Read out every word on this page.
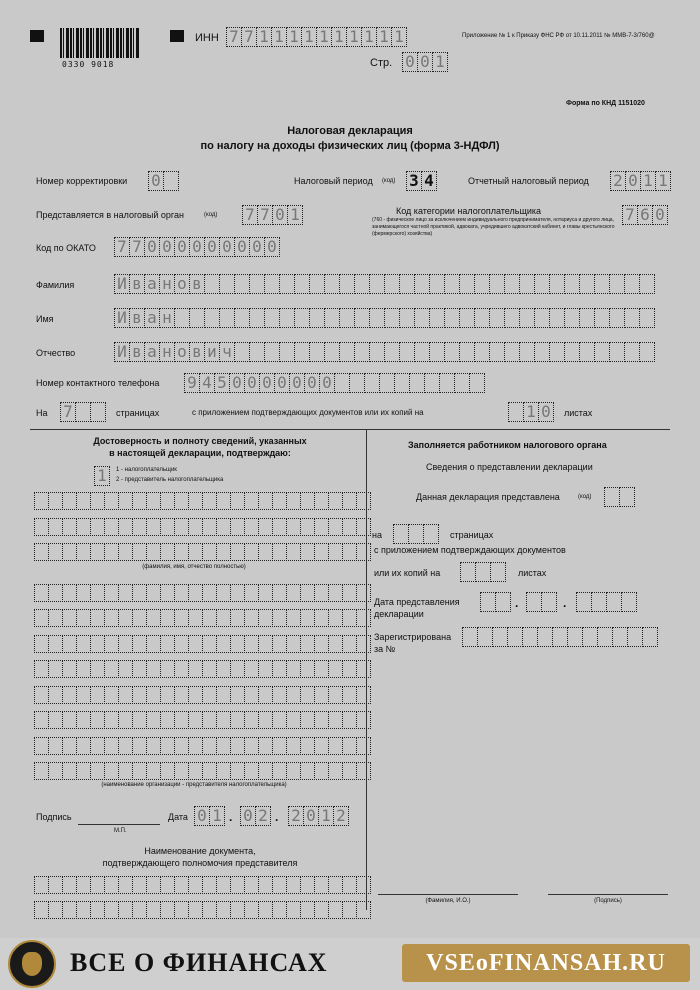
0330 9018
ИНН 7 7 1 1 1 1 1 1 1 1 1 1
Стр. 0 0 1
Приложение № 1 к Приказу ФНС РФ от 10.11.2011 № ММВ-7-3/760@
Форма по КНД 1151020
Налоговая декларация
по налогу на доходы физических лиц (форма 3-НДФЛ)
Номер корректировки 0	Налоговый период (код) 3 4	Отчетный налоговый период 2 0 1 1
Представляется в налоговый орган	(код) 7 7 0 1	Код категории налогоплательщика
(760 - физическое лицо за исключением индивидуального предпринимателя, нотариуса и другого лица, занимающегося частной практикой, адвоката, учредившего адвокатский кабинет, и главы крестьянского (фермерского) хозяйства)
7 6 0
Код по ОКАТО 7 7 0 0 0 0 0 0 0 0 0
Фамилия	И в а н о в
Имя	И в а н
Отчество	И в а н о в и ч
Номер контактного телефона 9 4 5 0 0 0 0 0 0 0
На 7	страницах	с приложением подтверждающих документов или их копий на	1 0	листах
Достоверность и полноту сведений, указанных
в настоящей декларации, подтверждаю:
1	1 - налогоплательщик
2 - представитель налогоплательщика
(фамилия, имя, отчество полностью)
(наименование организации - представителя налогоплательщика)
Подпись
М.П.
Дата 0 1 . 0 2 . 2 0 1 2
Наименование документа,
подтверждающего полномочия представителя
Заполняется работником налогового органа
Сведения о представлении декларации
Данная декларация представлена	(код)
на	страницах
с приложением подтверждающих документов
или их копий на	листах
Дата представления
декларации
.	.
Зарегистрирована
за №
(Фамилия, И.О.)	(Подпись)
ВСЕ О ФИНАНСАХ	VSEoFINANSAH.RU
